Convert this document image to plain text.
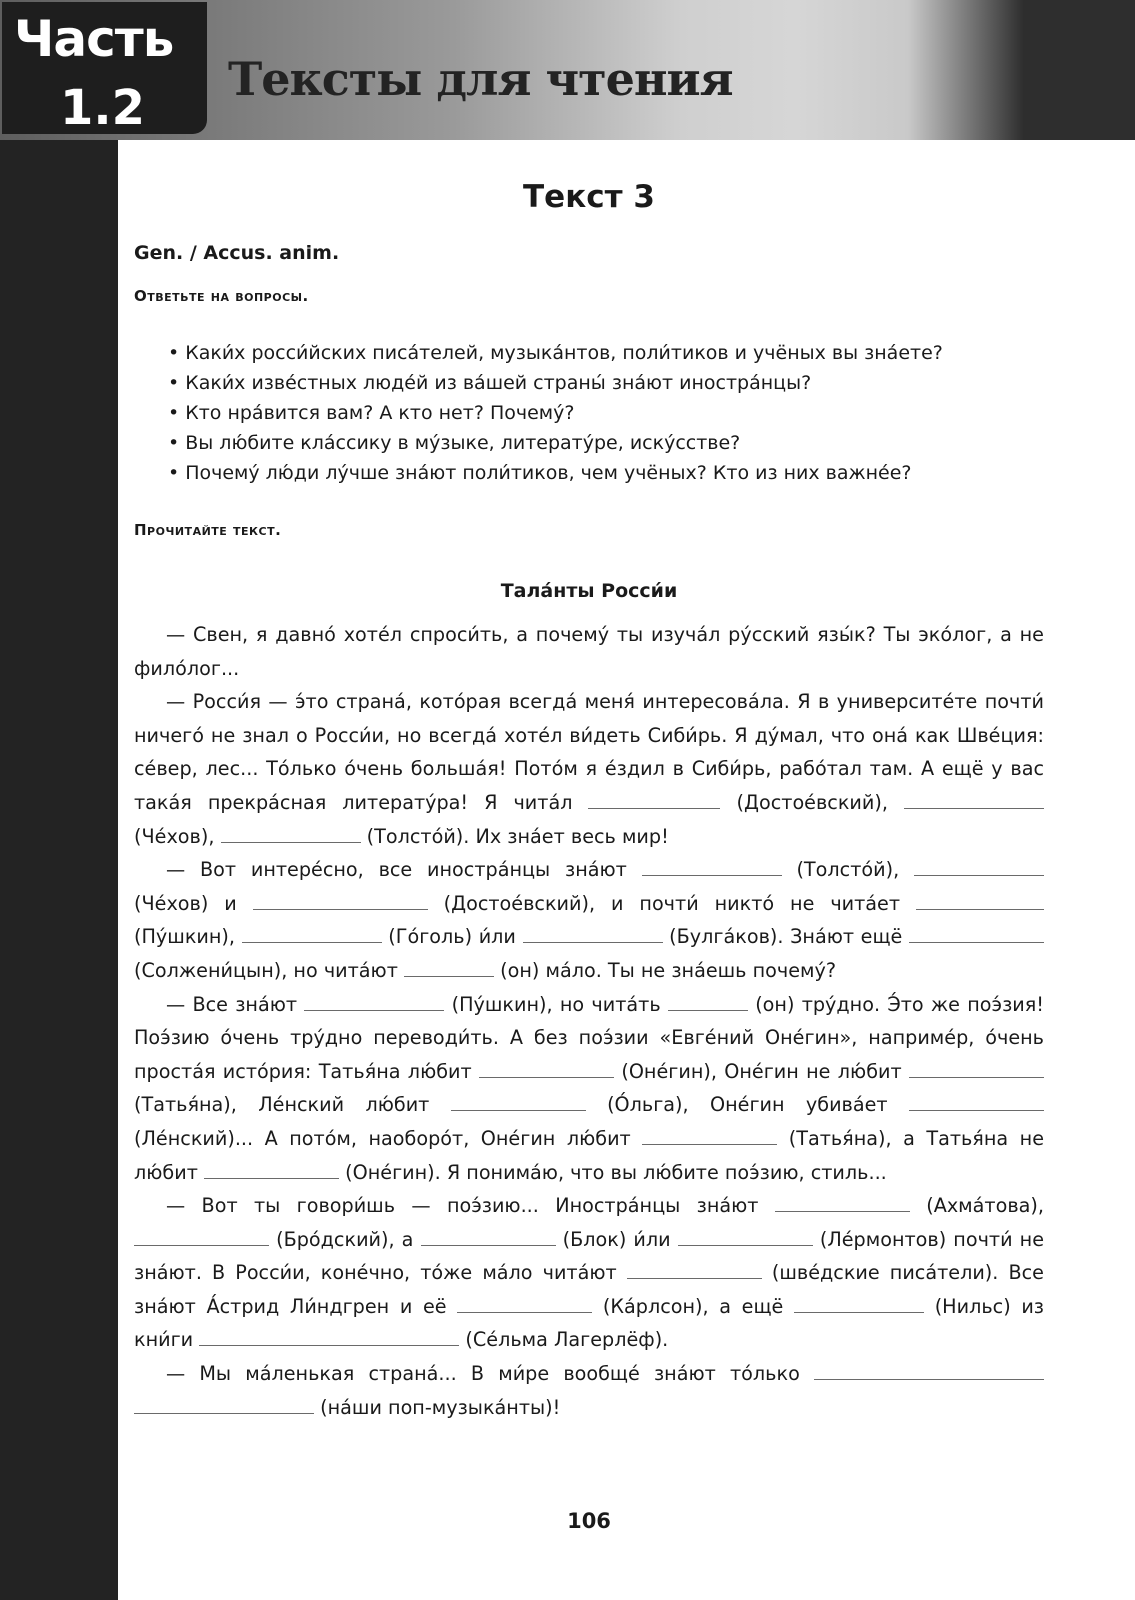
Часть
1.2
Тексты для чтения
Текст 3
Gen. / Accus. anim.
Ответьте на вопросы.
• Каки́х росси́йских писа́телей, музыка́нтов, поли́тиков и учёных вы зна́ете?
• Каки́х изве́стных люде́й из ва́шей страны́ зна́ют иностра́нцы?
• Кто нра́вится вам? А кто нет? Почему́?
• Вы лю́бите кла́ссику в му́зыке, литерату́ре, иску́сстве?
• Почему́ лю́ди лу́чше зна́ют поли́тиков, чем учёных? Кто из них важне́е?
Прочитайте текст.
Тала́нты Росси́и

— Свен, я давно́ хоте́л спроси́ть, а почему́ ты изуча́л ру́сский язы́к? Ты эко́лог, а не фило́лог...

— Росси́я — э́то страна́, кото́рая всегда́ меня́ интересова́ла. Я в университе́те почти́ ничего́ не знал о Росси́и, но всегда́ хоте́л ви́деть Сиби́рь. Я ду́мал, что она́ как Шве́ция: се́вер, лес... То́лько о́чень больша́я! Пото́м я е́здил в Сиби́рь, рабо́тал там. А ещё у вас така́я прекра́сная литерату́ра! Я чита́л	(Достое́вский),  (Че́хов),	(Толсто́й). Их зна́ет весь мир!

— Вот интере́сно, все иностра́нцы зна́ют	(Толсто́й),  (Че́хов) и	(Достое́вский), и почти́ никто́ не чита́ет  (Пу́шкин),	(Го́голь) и́ли	(Булга́ков). Зна́ют ещё  (Солжени́цын), но чита́ют	(он) ма́ло. Ты не зна́ешь почему́?

— Все зна́ют	(Пу́шкин), но чита́ть	(он) тру́дно. Э́то же поэ́зия! Поэ́зию о́чень тру́дно переводи́ть. А без поэ́зии «Евге́ний Оне́гин», наприме́р, о́чень проста́я исто́рия: Татья́на лю́бит	(Оне́гин), Оне́гин не лю́бит  (Татья́на), Ле́нский лю́бит	(О́льга), Оне́гин убива́ет  (Ле́нский)... А пото́м, наоборо́т, Оне́гин лю́бит	(Татья́на), а Татья́на не лю́бит	(Оне́гин). Я понима́ю, что вы лю́бите поэ́зию, стиль...

— Вот ты говори́шь — поэ́зию... Иностра́нцы зна́ют	(Ахма́това),  (Бро́дский), а	(Блок) и́ли	(Ле́рмонтов) почти́ не зна́ют. В Росси́и, коне́чно, то́же ма́ло чита́ют	(шве́дские писа́тели). Все зна́ют А́стрид Ли́ндгрен и её	(Ка́рлсон), а ещё	(Нильс) из кни́ги	(Се́льма Лагерлёф).

— Мы ма́ленькая страна́... В ми́ре вообще́ зна́ют то́лько   (на́ши поп-музыка́нты)!

106
